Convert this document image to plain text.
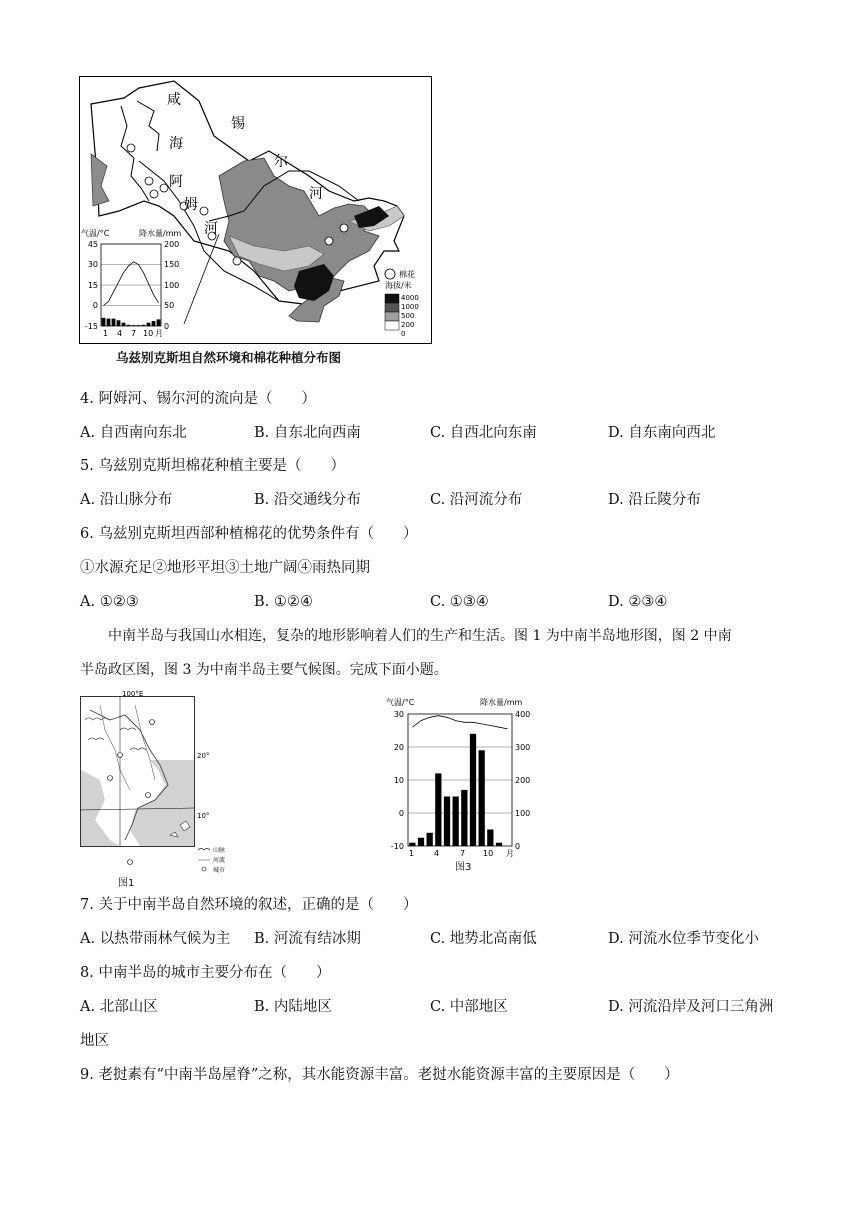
咸
海
阿
姆
河
锡
尔
河
棉花
海拔/米
4000
1000
500
200
0
气温/°C	降水量/mm
45
30
15
0
-15
200
150
100
50
0
1 4 7 10 月
乌兹别克斯坦自然环境和棉花种植分布图
4. 阿姆河、锡尔河的流向是（　　）
A. 自西南向东北	B. 自东北向西南	C. 自西北向东南	D. 自东南向西北
5. 乌兹别克斯坦棉花种植主要是（　　）
A. 沿山脉分布	B. 沿交通线分布	C. 沿河流分布	D. 沿丘陵分布
6. 乌兹别克斯坦西部种植棉花的优势条件有（　　）
①水源充足②地形平坦③土地广阔④雨热同期
A. ①②③	B. ①②④	C. ①③④	D. ②③④
中南半岛与我国山水相连，复杂的地形影响着人们的生产和生活。图 1 为中南半岛地形图，图 2 中南
半岛政区图，图 3 为中南半岛主要气候图。完成下面小题。
100°E
20°
10°
山脉
河流
城市
图1
气温/°C	降水量/mm
30
20
10
0
-10
400
300
200
100
0
1 4	7 10 月
图3
7. 关于中南半岛自然环境的叙述，正确的是（　　）
A. 以热带雨林气候为主 B. 河流有结冰期	C. 地势北高南低	D. 河流水位季节变化小
8. 中南半岛的城市主要分布在（　　）
A. 北部山区	B. 内陆地区	C. 中部地区	D. 河流沿岸及河口三角洲
地区
9. 老挝素有“中南半岛屋脊”之称，其水能资源丰富。老挝水能资源丰富的主要原因是（　　）
